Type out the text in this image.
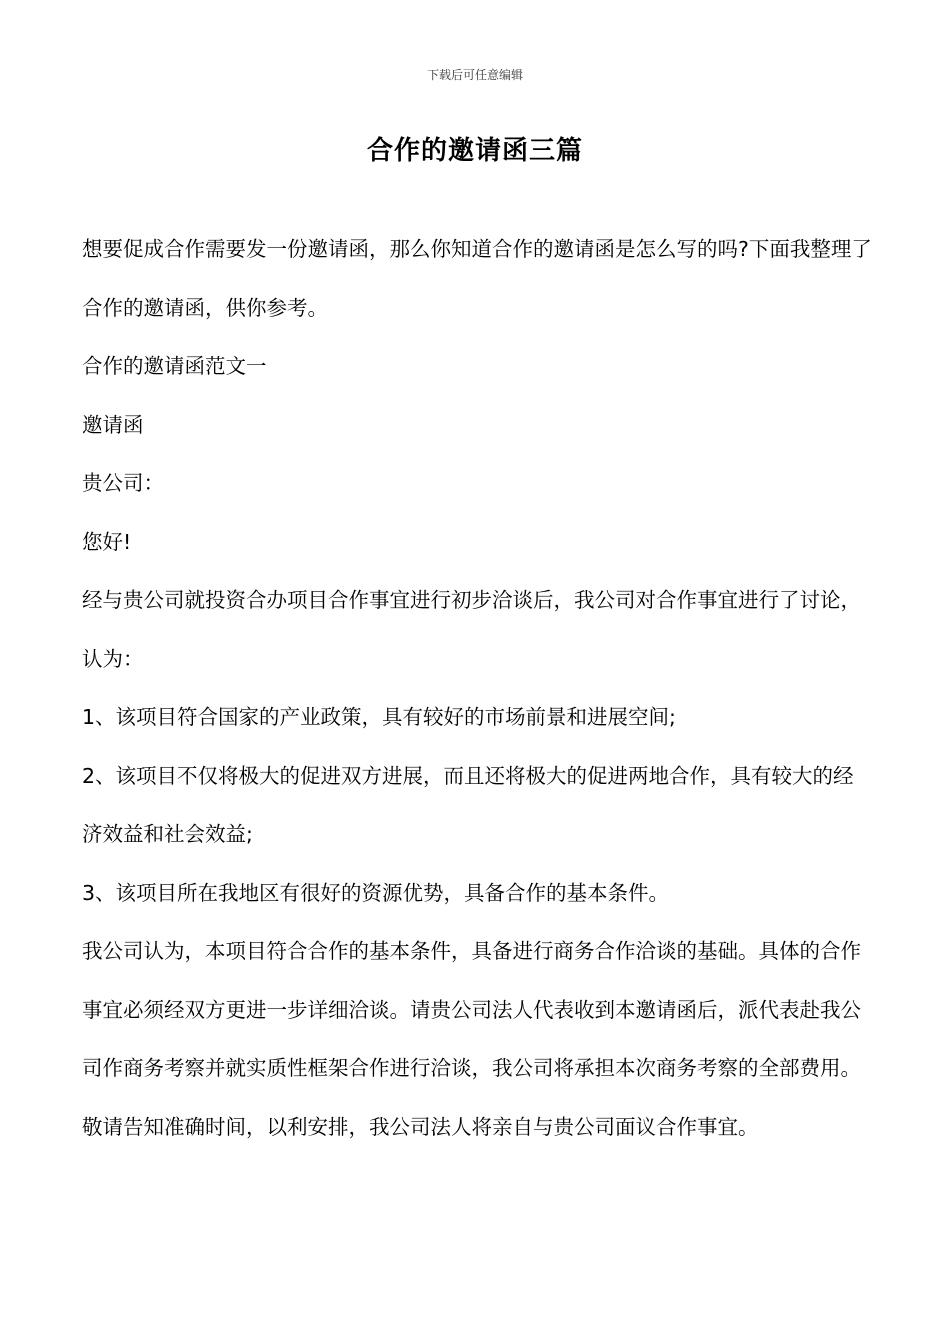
下载后可任意编辑
合作的邀请函三篇

想要促成合作需要发一份邀请函，那么你知道合作的邀请函是怎么写的吗?下面我整理了合作的邀请函，供你参考。

合作的邀请函范文一

邀请函

贵公司：

您好!

经与贵公司就投资合办项目合作事宜进行初步洽谈后，我公司对合作事宜进行了讨论，认为：

1、该项目符合国家的产业政策，具有较好的市场前景和进展空间;

2、该项目不仅将极大的促进双方进展，而且还将极大的促进两地合作，具有较大的经济效益和社会效益;

3、该项目所在我地区有很好的资源优势，具备合作的基本条件。

我公司认为，本项目符合合作的基本条件，具备进行商务合作洽谈的基础。具体的合作事宜必须经双方更进一步详细洽谈。请贵公司法人代表收到本邀请函后，派代表赴我公司作商务考察并就实质性框架合作进行洽谈，我公司将承担本次商务考察的全部费用。

敬请告知准确时间，以利安排，我公司法人将亲自与贵公司面议合作事宜。
